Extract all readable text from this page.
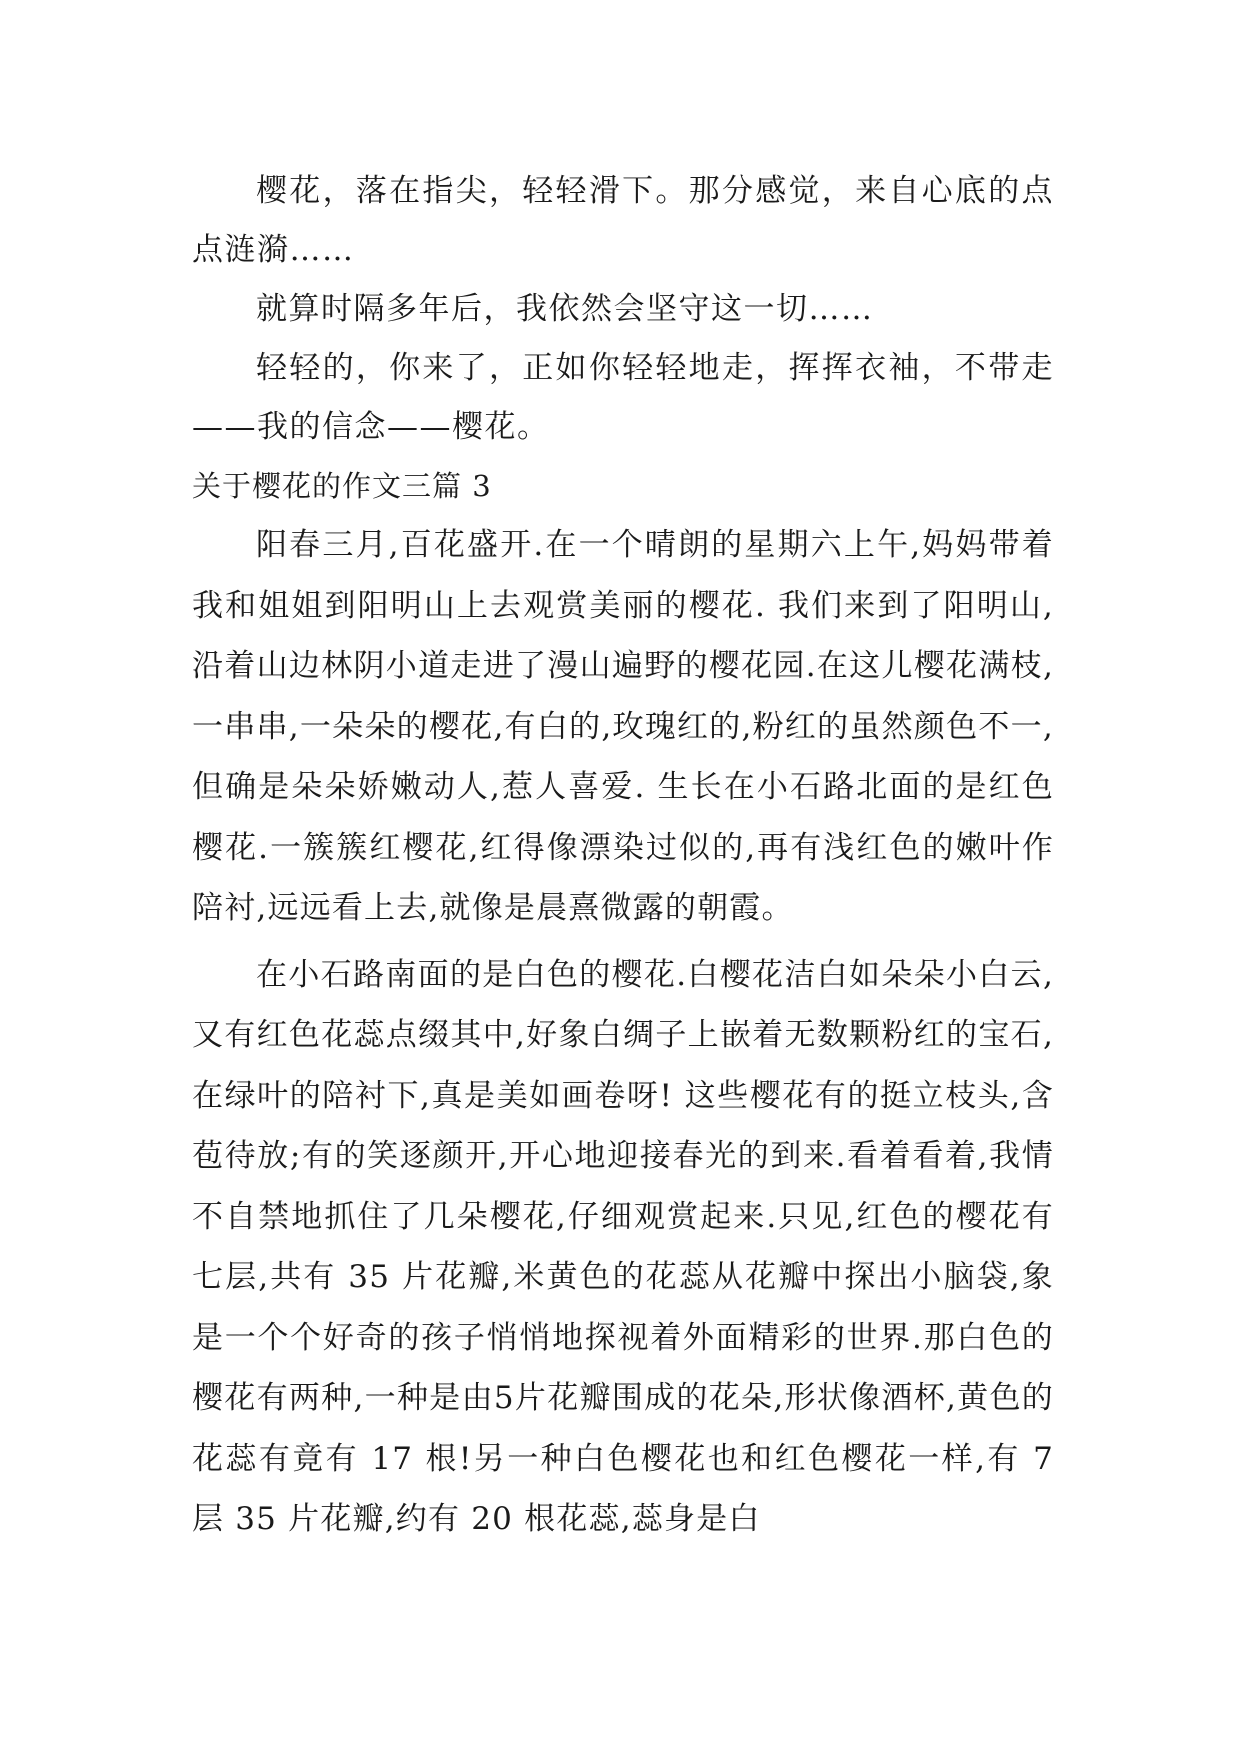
樱花，落在指尖，轻轻滑下。那分感觉，来自心底的点点涟漪……

就算时隔多年后，我依然会坚守这一切……

轻轻的，你来了，正如你轻轻地走，挥挥衣袖，不带走——我的信念——樱花。

关于樱花的作文三篇 3

阳春三月,百花盛开.在一个晴朗的星期六上午,妈妈带着我和姐姐到阳明山上去观赏美丽的樱花. 我们来到了阳明山,沿着山边林阴小道走进了漫山遍野的樱花园.在这儿樱花满枝,一串串,一朵朵的樱花,有白的,玫瑰红的,粉红的虽然颜色不一,但确是朵朵娇嫩动人,惹人喜爱. 生长在小石路北面的是红色樱花.一簇簇红樱花,红得像漂染过似的,再有浅红色的嫩叶作陪衬,远远看上去,就像是晨熹微露的朝霞。

在小石路南面的是白色的樱花.白樱花洁白如朵朵小白云,又有红色花蕊点缀其中,好象白绸子上嵌着无数颗粉红的宝石,在绿叶的陪衬下,真是美如画卷呀! 这些樱花有的挺立枝头,含苞待放;有的笑逐颜开,开心地迎接春光的到来.看着看着,我情不自禁地抓住了几朵樱花,仔细观赏起来.只见,红色的樱花有七层,共有 35 片花瓣,米黄色的花蕊从花瓣中探出小脑袋,象是一个个好奇的孩子悄悄地探视着外面精彩的世界.那白色的樱花有两种,一种是由5片花瓣围成的花朵,形状像酒杯,黄色的花蕊有竟有 17 根!另一种白色樱花也和红色樱花一样,有 7 层 35 片花瓣,约有 20 根花蕊,蕊身是白
